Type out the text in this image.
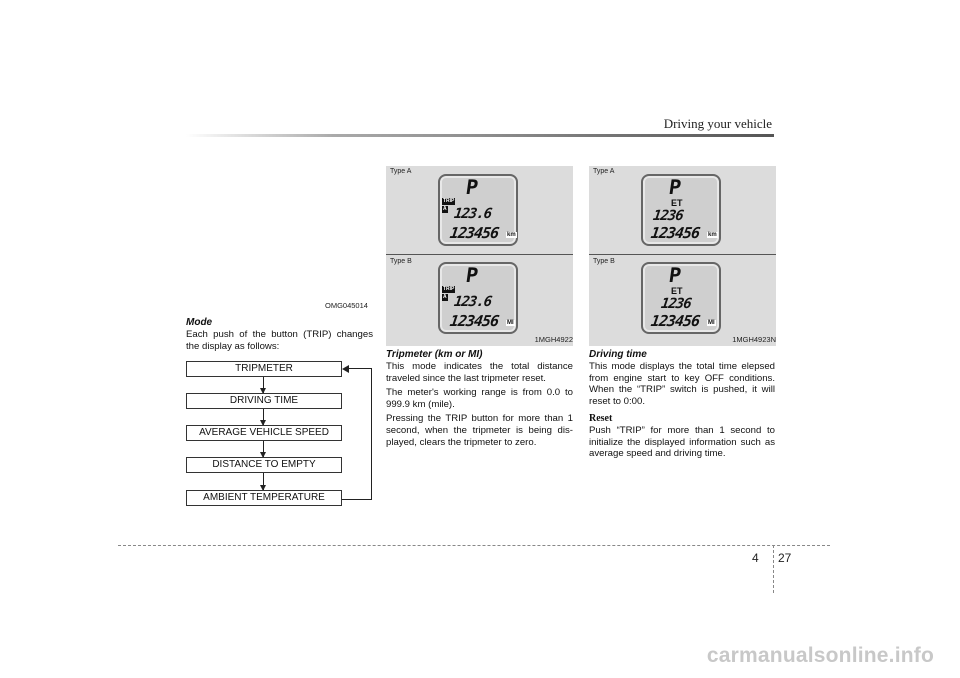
Driving your vehicle
OMG045014
Mode
Each push of the button (TRIP) changes the display as follows:
TRIPMETER
DRIVING TIME
AVERAGE VEHICLE SPEED
DISTANCE TO EMPTY
AMBIENT TEMPERATURE
Type A
P
TRIP
A 123.6
123456 km
Type B
P
TRIP
A 123.6
123456 MI
1MGH4922
Tripmeter (km or MI)

This mode indicates the total distance traveled since the last tripmeter reset.

The meter's working range is from 0.0 to 999.9 km (mile).

Pressing the TRIP button for more than 1 second, when the tripmeter is being dis-played, clears the tripmeter to zero.

Type A
P
ET
1236
123456 km
Type B
P
ET
1236
123456 MI
1MGH4923N
Driving time

This mode displays the total time elepsed from engine start to key OFF conditions. When the “TRIP” switch is pushed, it will reset to 0:00.

Reset

Push “TRIP” for more than 1 second to initialize the displayed information such as average speed and driving time.

4 27
carmanualsonline.info
